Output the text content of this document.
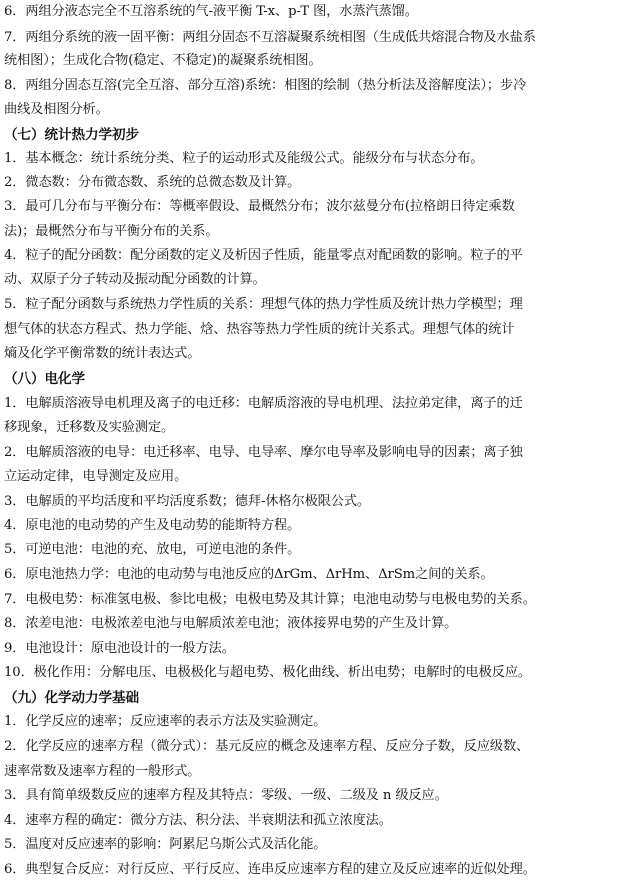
6．两组分液态完全不互溶系统的气-液平衡 T-x、p-T 图，水蒸汽蒸馏。
7．两组分系统的液一固平衡：两组分固态不互溶凝聚系统相图（生成低共熔混合物及水盐系
统相图）；生成化合物(稳定、不稳定)的凝聚系统相图。
8．两组分固态互溶(完全互溶、部分互溶)系统：相图的绘制（热分析法及溶解度法）；步冷
曲线及相图分析。
（七）统计热力学初步
1．基本概念：统计系统分类、粒子的运动形式及能级公式。能级分布与状态分布。
2．微态数：分布微态数、系统的总微态数及计算。
3．最可几分布与平衡分布：等概率假设、最概然分布；波尔兹曼分布(拉格朗日待定乘数
法)；最概然分布与平衡分布的关系。
4．粒子的配分函数：配分函数的定义及析因子性质，能量零点对配函数的影响。粒子的平
动、双原子分子转动及振动配分函数的计算。
5．粒子配分函数与系统热力学性质的关系：理想气体的热力学性质及统计热力学模型；理
想气体的状态方程式、热力学能、焓、热容等热力学性质的统计关系式。理想气体的统计
熵及化学平衡常数的统计表达式。
（八）电化学
1．电解质溶液导电机理及离子的电迁移：电解质溶液的导电机理、法拉弟定律，离子的迁
移现象，迁移数及实验测定。
2．电解质溶液的电导：电迁移率、电导、电导率、摩尔电导率及影响电导的因素；离子独
立运动定律，电导测定及应用。
3．电解质的平均活度和平均活度系数；德拜-休格尔极限公式。
4．原电池的电动势的产生及电动势的能斯特方程。
5．可逆电池：电池的充、放电，可逆电池的条件。
6．原电池热力学：电池的电动势与电池反应的ΔrGm、ΔrHm、ΔrSm之间的关系。
7．电极电势：标准氢电极、参比电极；电极电势及其计算；电池电动势与电极电势的关系。
8．浓差电池：电极浓差电池与电解质浓差电池；液体接界电势的产生及计算。
9．电池设计：原电池设计的一般方法。
10．极化作用：分解电压、电极极化与超电势、极化曲线、析出电势；电解时的电极反应。
（九）化学动力学基础
1．化学反应的速率；反应速率的表示方法及实验测定。
2．化学反应的速率方程（微分式）：基元反应的概念及速率方程、反应分子数，反应级数、
速率常数及速率方程的一般形式。
3．具有简单级数反应的速率方程及其特点：零级、一级、二级及 n 级反应。
4．速率方程的确定：微分方法、积分法、半衰期法和孤立浓度法。
5．温度对反应速率的影响：阿累尼乌斯公式及活化能。
6．典型复合反应：对行反应、平行反应、连串反应速率方程的建立及反应速率的近似处理。
